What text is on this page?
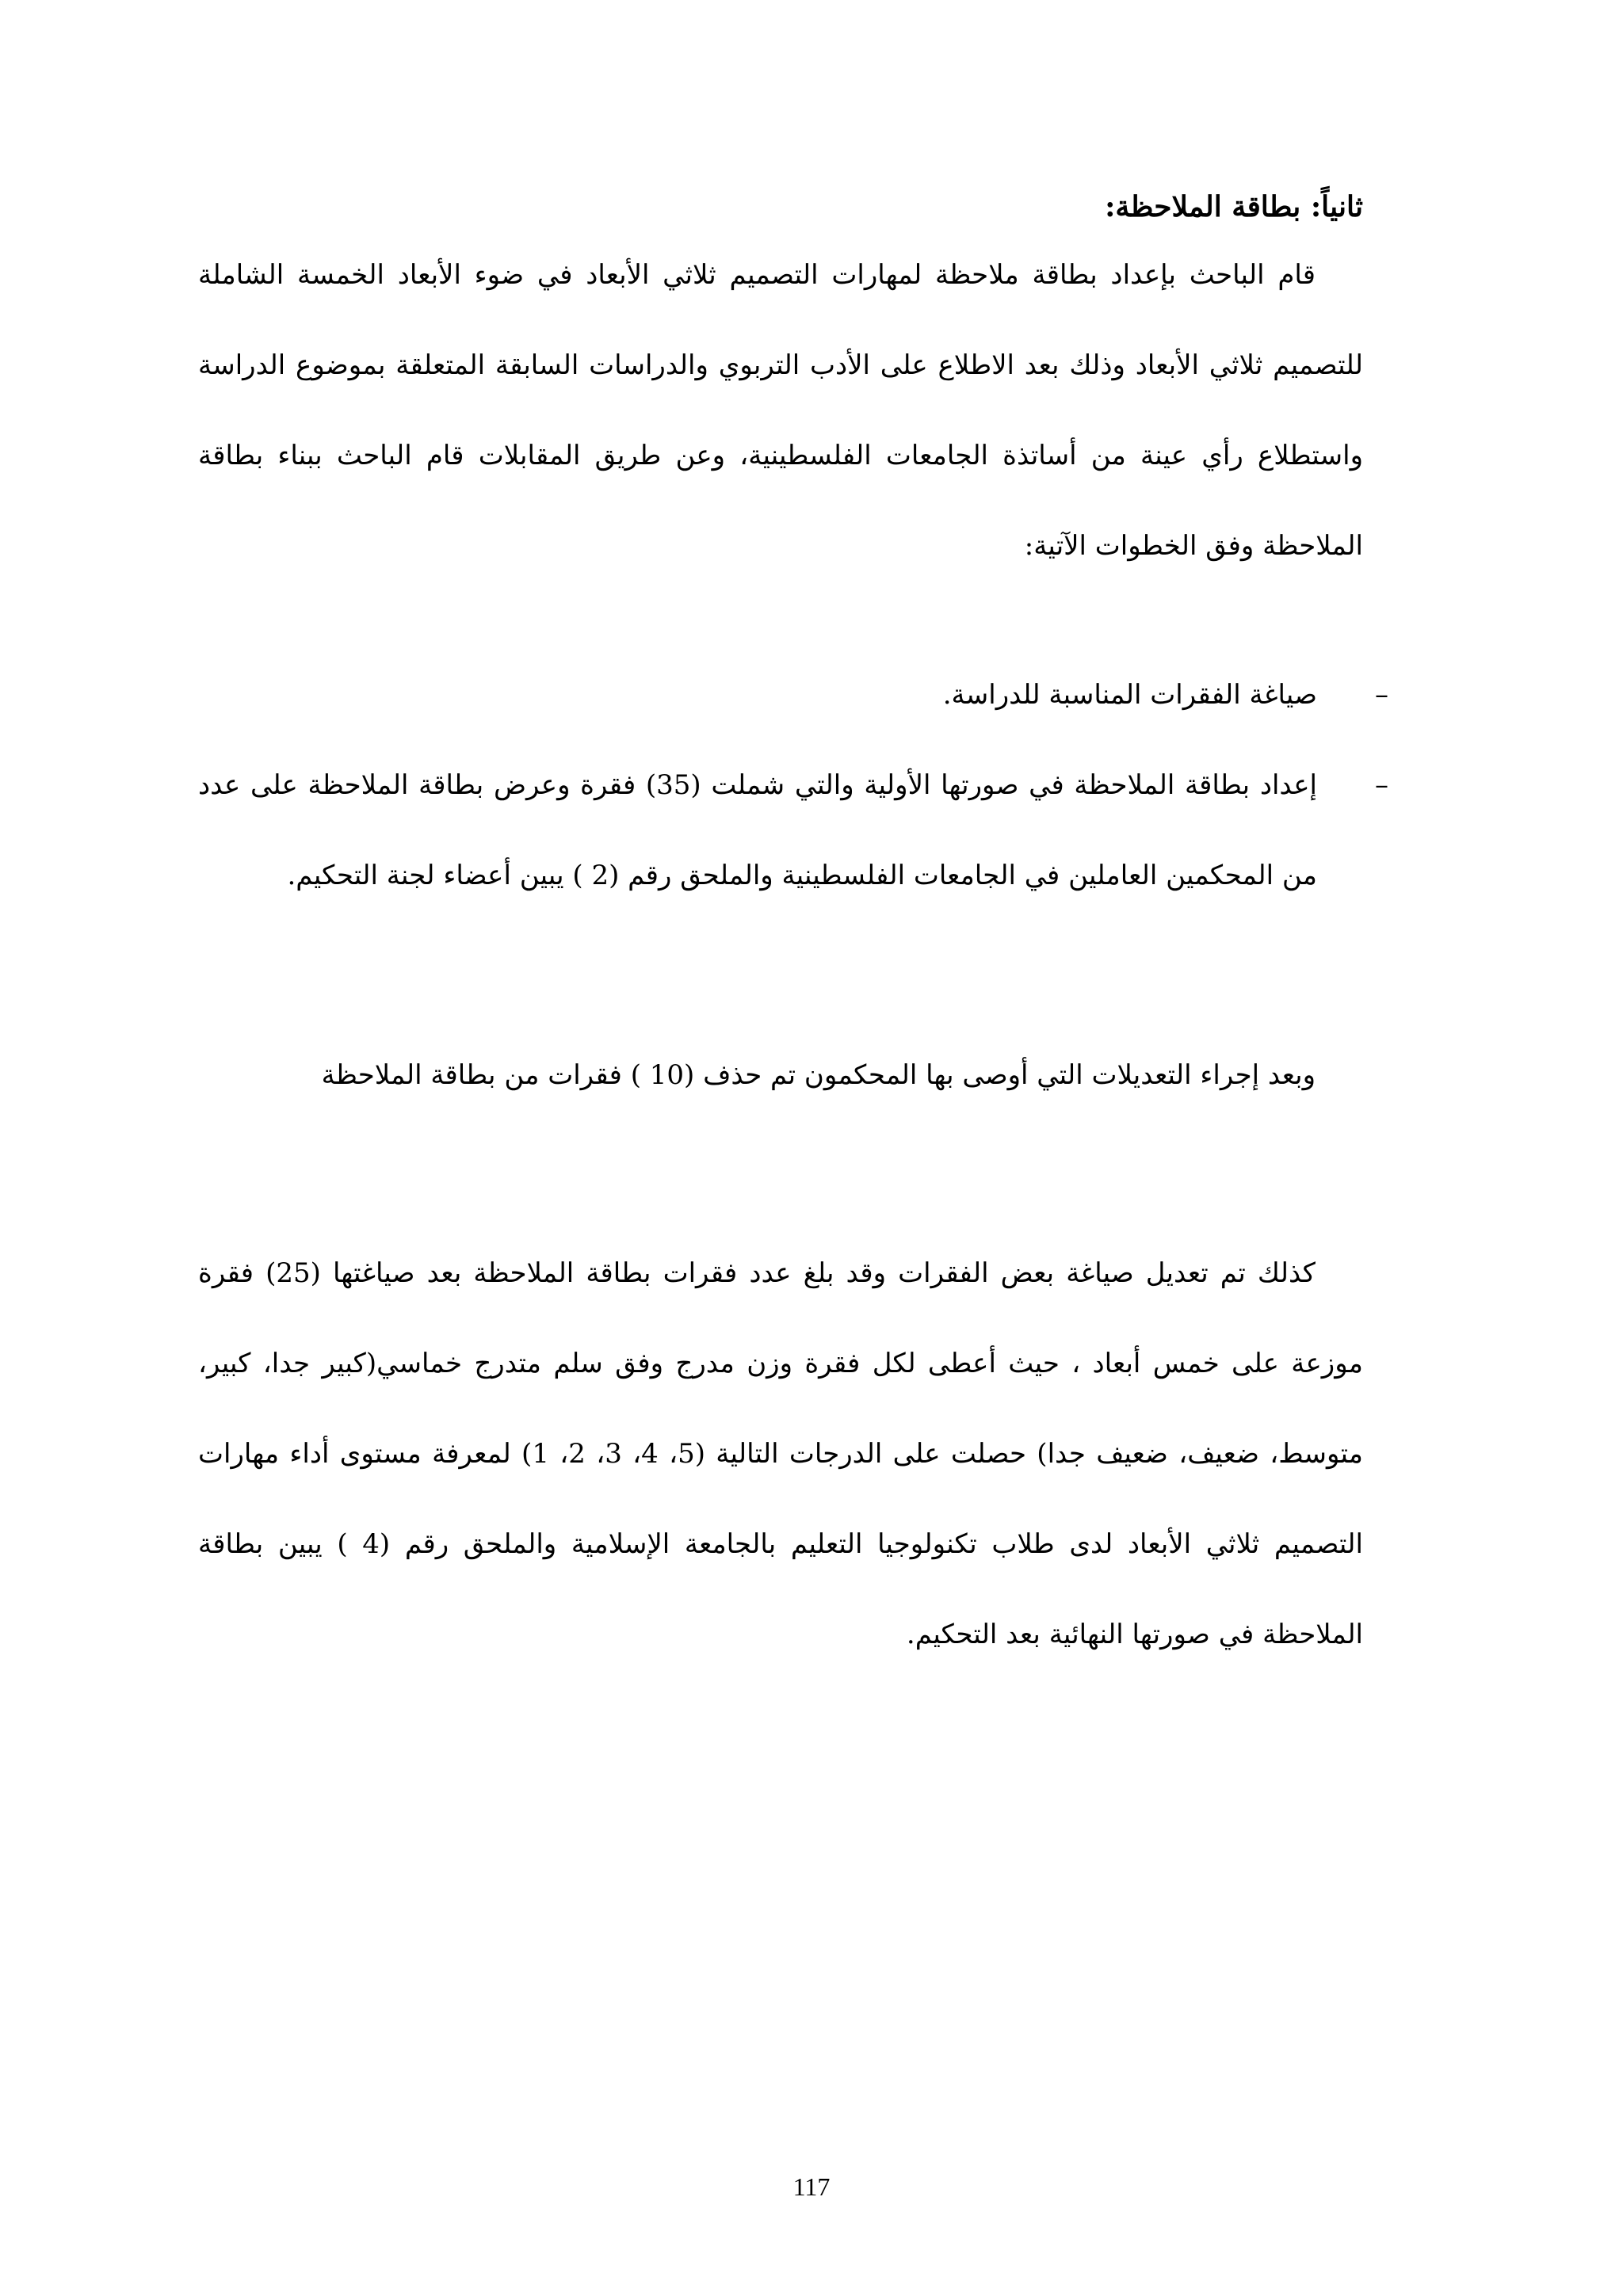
ثانياً: بطاقة الملاحظة:

قام الباحث بإعداد بطاقة ملاحظة لمهارات التصميم ثلاثي الأبعاد في ضوء الأبعاد الخمسة الشاملة للتصميم ثلاثي الأبعاد وذلك بعد الاطلاع على الأدب التربوي والدراسات السابقة المتعلقة بموضوع الدراسة واستطلاع رأي عينة من أساتذة الجامعات الفلسطينية، وعن طريق المقابلات قام الباحث ببناء بطاقة الملاحظة وفق الخطوات الآتية:

–
صياغة الفقرات المناسبة للدراسة.
–
إعداد بطاقة الملاحظة في صورتها الأولية والتي شملت (35) فقرة وعرض بطاقة الملاحظة على عدد من المحكمين العاملين في الجامعات الفلسطينية والملحق رقم (2 ) يبين أعضاء لجنة التحكيم.

وبعد إجراء التعديلات التي أوصى بها المحكمون تم حذف (10 ) فقرات من بطاقة الملاحظة

كذلك تم تعديل صياغة بعض الفقرات وقد بلغ عدد فقرات بطاقة الملاحظة بعد صياغتها (25) فقرة موزعة على خمس أبعاد ، حيث أعطى لكل فقرة وزن مدرج وفق سلم متدرج خماسي(كبير جدا، كبير، متوسط، ضعيف، ضعيف جدا) حصلت على الدرجات التالية (5، 4، 3، 2، 1) لمعرفة مستوى أداء مهارات التصميم ثلاثي الأبعاد لدى طلاب تكنولوجيا التعليم بالجامعة الإسلامية والملحق رقم (4 ) يبين بطاقة الملاحظة في صورتها النهائية بعد التحكيم.

117
